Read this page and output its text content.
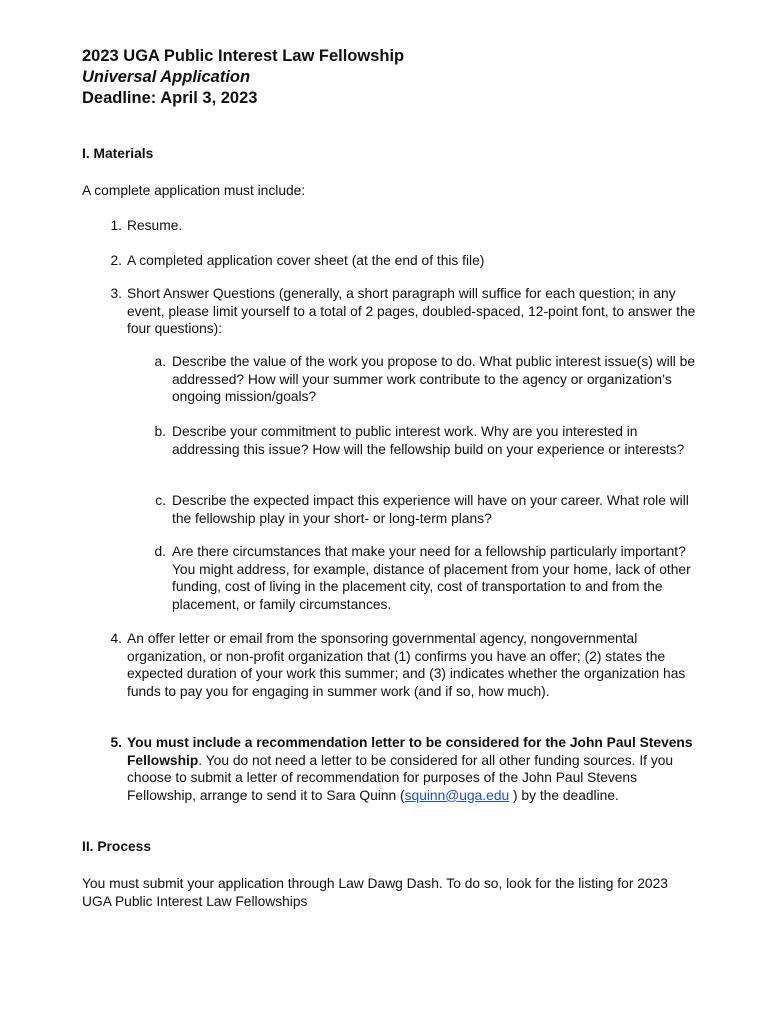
2023 UGA Public Interest Law Fellowship
Universal Application
Deadline: April 3, 2023
I. Materials
A complete application must include:
1. Resume.
2. A completed application cover sheet (at the end of this file)
3. Short Answer Questions (generally, a short paragraph will suffice for each question; in any event, please limit yourself to a total of 2 pages, doubled-spaced, 12-point font, to answer the four questions):
a. Describe the value of the work you propose to do. What public interest issue(s) will be addressed? How will your summer work contribute to the agency or organization’s ongoing mission/goals?
b. Describe your commitment to public interest work. Why are you interested in addressing this issue? How will the fellowship build on your experience or interests?
c. Describe the expected impact this experience will have on your career. What role will the fellowship play in your short- or long-term plans?
d. Are there circumstances that make your need for a fellowship particularly important? You might address, for example, distance of placement from your home, lack of other funding, cost of living in the placement city, cost of transportation to and from the placement, or family circumstances.
4. An offer letter or email from the sponsoring governmental agency, nongovernmental organization, or non-profit organization that (1) confirms you have an offer; (2) states the expected duration of your work this summer; and (3) indicates whether the organization has funds to pay you for engaging in summer work (and if so, how much).
5. You must include a recommendation letter to be considered for the John Paul Stevens Fellowship. You do not need a letter to be considered for all other funding sources. If you choose to submit a letter of recommendation for purposes of the John Paul Stevens Fellowship, arrange to send it to Sara Quinn (squinn@uga.edu ) by the deadline.
II. Process
You must submit your application through Law Dawg Dash. To do so, look for the listing for 2023 UGA Public Interest Law Fellowships
